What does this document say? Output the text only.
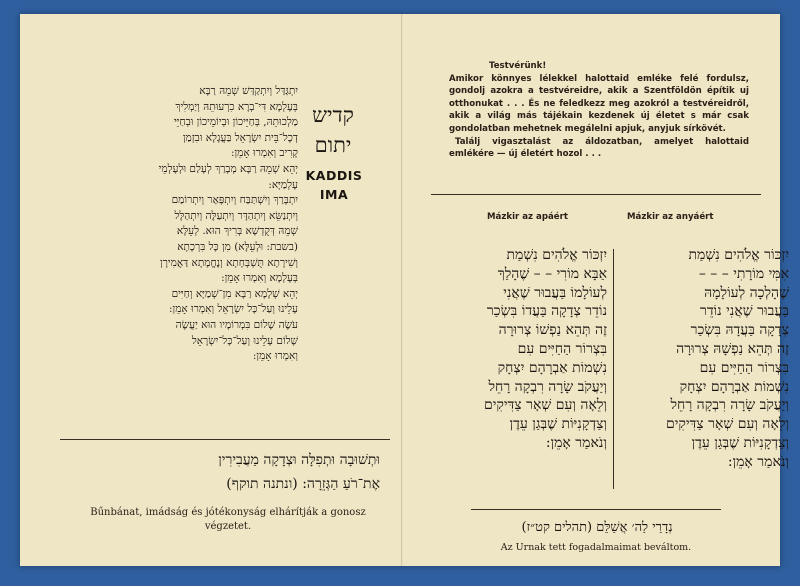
יִתְגַּדַּל וְיִתְקַדַּשׁ שְׁמֵהּ רַבָּא
בְּעָלְמָא דִּי־בְרָא כִרְעוּתֵהּ וְיַמְלִיךְ
מַלְכוּתֵהּ, בְּחַיֵּיכוֹן וּבְיוֹמֵיכוֹן וּבְחַיֵּי
דְכָל־בֵּית יִשְׂרָאֵל בַּעֲגָלָא וּבִזְמַן
קָרִיב וְאִמְרוּ אָמֵן:
יְהֵא שְׁמֵהּ רַבָּא מְבָרַךְ לְעָלַם וּלְעָלְמֵי
עָלְמַיָּא:
יִתְבָּרַךְ וְיִשְׁתַּבַּח וְיִתְפָּאַר וְיִתְרוֹמַם
וְיִתְנַשֵּׂא וְיִתְהַדָּר וְיִתְעַלֶּה וְיִתְהַלָּל
שְׁמֵהּ דְּקֻדְשָׁא בְּרִיךְ הוּא. לְעֵלָּא
(בשבת: וּלְעֵלָּא) מִן כָּל בִּרְכָתָא
וְשִׁירָתָא תֻּשְׁבְּחָתָא וְנֶחֱמָתָא דַּאֲמִירָן
בְּעָלְמָא וְאִמְרוּ אָמֵן:
יְהֵא שְׁלָמָא רַבָּא מִן־שְׁמַיָּא וְחַיִּים
עָלֵינוּ וְעַל־כָּל יִשְׂרָאֵל וְאִמְרוּ אָמֵן:
עֹשֶׂה שָׁלוֹם בִּמְרוֹמָיו הוּא יַעֲשֶׂה
שָׁלוֹם עָלֵינוּ וְעַל־כָּל־יִשְׂרָאֵל
וְאִמְרוּ אָמֵן:
קדיש
יתום
KADDIS
IMA
וּתְשׁוּבָה וּתְפִלָּה וּצְדָקָה מַעֲבִירִין
אֶת־רֹעַ הַגְּזֵרָה: (ונתנה תוקף)
Bűnbánat, imádság és jótékonyság elhárítják a gonosz végzetet.
Testvérünk!

Amikor könnyes lélekkel halottaid emléke felé fordulsz, gondolj azokra a testvéreidre, akik a Szentföldön építik uj otthonukat . . . És ne feledkezz meg azokról a testvéreidről, akik a világ más tájékain kezdenek új életet s már csak gondolatban mehetnek megálelni apjuk, anyjuk sírkövét.

Találj vigasztalást az áldozatban, amelyet halottaid emlékére — új életért hozol . . .

Mázkir az apáért	Mázkir az anyáért
יִזְכּוֹר אֱלֹהִים נִשְׁמַת
אַבָּא מוֹרִי – – שֶׁהָלַךְ
לְעוֹלָמוֹ בַּעֲבוּר שֶׁאֲנִי
נוֹדֵר צְדָקָה בַּעֲדוֹ בִּשְׂכַר
זֶה תְּהֵא נַפְשׁוֹ צְרוּרָה
בִּצְרוֹר הַחַיִּים עִם
נִשְׁמוֹת אַבְרָהָם יִצְחָק
וְיַעֲקֹב שָׂרָה רִבְקָה רָחֵל
וְלֵאָה וְעִם שְׁאָר צַדִּיקִים
וְצַדְקָנִיּוֹת שֶׁבְּגַן עֵדֶן
וְנֹאמַר אָמֵן:
יִזְכּוֹר אֱלֹהִים נִשְׁמַת
אִמִּי מוֹרָתִי – – –
שֶׁהָלְכָה לְעוֹלָמָהּ
בַּעֲבוּר שֶׁאֲנִי נוֹדֵר
צְדָקָה בַּעֲדָהּ בִּשְׂכַר
זֶה תְּהֵא נַפְשָׁהּ צְרוּרָה
בִּצְרוֹר הַחַיִּים עִם
נִשְׁמוֹת אַבְרָהָם יִצְחָק
וְיַעֲקֹב שָׂרָה רִבְקָה רָחֵל
וְלֵאָה וְעִם שְׁאָר צַדִּיקִים
וְצַדְקָנִיּוֹת שֶׁבְּגַן עֵדֶן
וְנֹאמַר אָמֵן:
נְדָרַי לַה׳ אֲשַׁלֵּם (תהלים קט״ז)
Az Urnak tett fogadalmaimat beváltom.
